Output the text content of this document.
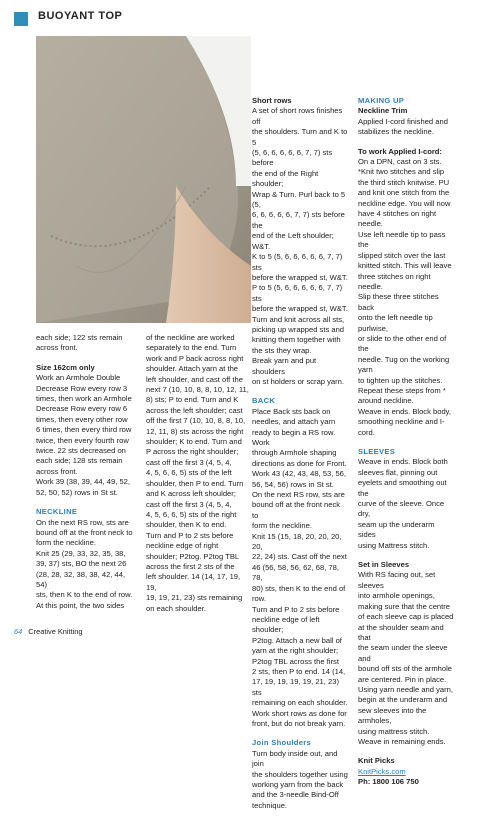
BUOYANT TOP

each side; 122 sts remain
across front.

Size 162cm only

Work an Armhole Double
Decrease Row every row 3
times, then work an Armhole
Decrease Row every row 6
times, then every other row
6 times, then every third row
twice, then every fourth row
twice. 22 sts decreased on
each side; 128 sts remain
across front.
Work 39 (38, 39, 44, 49, 52,
52, 50, 52) rows in St st.

NECKLINE

On the next RS row, sts are
bound off at the front neck to
form the neckline.
Knit 25 (29, 33, 32, 35, 38,
39, 37) sts, BO the next 26
(28, 28, 32, 38, 38, 42, 44, 54)
sts, then K to the end of row.
At this point, the two sides

of the neckline are worked
separately to the end. Turn
work and P back across right
shoulder. Attach yarn at the
left shoulder, and cast off the
next 7 (10, 10, 8, 8, 10, 12, 11,
8) sts; P to end. Turn and K
across the left shoulder; cast
off the first 7 (10, 10, 8, 8, 10,
12, 11, 8) sts across the right
shoulder; K to end. Turn and
P across the right shoulder;
cast off the first 3 (4, 5, 4,
4, 5, 6, 6, 5) sts of the left
shoulder, then P to end. Turn
and K across left shoulder;
cast off the first 3 (4, 5, 4,
4, 5, 6, 6, 5) sts of the right
shoulder, then K to end.
Turn and P to 2 sts before
neckline edge of right
shoulder; P2tog. P2tog TBL
across the first 2 sts of the
left shoulder. 14 (14, 17, 19, 19,
19, 19, 21, 23) sts remaining
on each shoulder.

Short rows

A set of short rows finishes off
the shoulders. Turn and K to 5
(5, 6, 6, 6, 6, 6, 7, 7) sts before
the end of the Right shoulder;
Wrap & Turn. Purl back to 5 (5,
6, 6, 6, 6, 6, 7, 7) sts before the
end of the Left shoulder; W&T.
K to 5 (5, 6, 6, 6, 6, 6, 7, 7) sts
before the wrapped st, W&T.
P to 5 (5, 6, 6, 6, 6, 6, 7, 7) sts
before the wrapped st, W&T.
Turn and knit across all sts,
picking up wrapped sts and
knitting them together with
the sts they wrap.
Break yarn and put shoulders
on st holders or scrap yarn.

BACK

Place Back sts back on
needles, and attach yarn
ready to begin a RS row. Work
through Armhole shaping
directions as done for Front.
Work 43 (42, 43, 48, 53, 56,
56, 54, 56) rows in St st.
On the next RS row, sts are
bound off at the front neck to
form the neckline.
Knit 15 (15, 18, 20, 20, 20, 20,
22, 24) sts. Cast off the next
46 (56, 58, 56, 62, 68, 78, 78,
80) sts, then K to the end of
row.
Turn and P to 2 sts before
neckline edge of left shoulder;
P2tog. Attach a new ball of
yarn at the right shoulder;
P2tog TBL across the first
2 sts, then P to end. 14 (14,
17, 19, 19, 19, 19, 21, 23) sts
remaining on each shoulder.
Work short rows as done for
front, but do not break yarn.

Join Shoulders

Turn body inside out, and join
the shoulders together using
working yarn from the back
and the 3-needle Bind-Off
technique.

MAKING UP
Neckline Trim

Applied I-cord finished and
stabilizes the neckline.

To work Applied I-cord:

On a DPN, cast on 3 sts.
*Knit two stitches and slip
the third stitch knitwise. PU
and knit one stitch from the
neckline edge. You will now
have 4 stitches on right needle.
Use left needle tip to pass the
slipped stitch over the last
knitted stitch. This will leave
three stitches on right needle.
Slip these three stitches back
onto the left needle tip purlwise,
or slide to the other end of the
needle. Tug on the working yarn
to tighten up the stitches.
Repeat these steps from *
around neckline.
Weave in ends. Block body,
smoothing neckline and I-cord.

SLEEVES

Weave in ends. Block both
sleeves flat, pinning out
eyelets and smoothing out the
curve of the sleeve. Once dry,
seam up the underarm sides
using Mattress stitch.

Set in Sleeves

With RS facing out, set sleeves
into armhole openings,
making sure that the centre
of each sleeve cap is placed
at the shoulder seam and that
the seam under the sleeve and
bound off sts of the armhole
are centered. Pin in place.
Using yarn needle and yarn,
begin at the underarm and
sew sleeves into the armholes,
using mattress stitch.
Weave in remaining ends.

Knit Picks
KnitPicks.com
Ph: 1800 106 750
64 Creative Knitting
